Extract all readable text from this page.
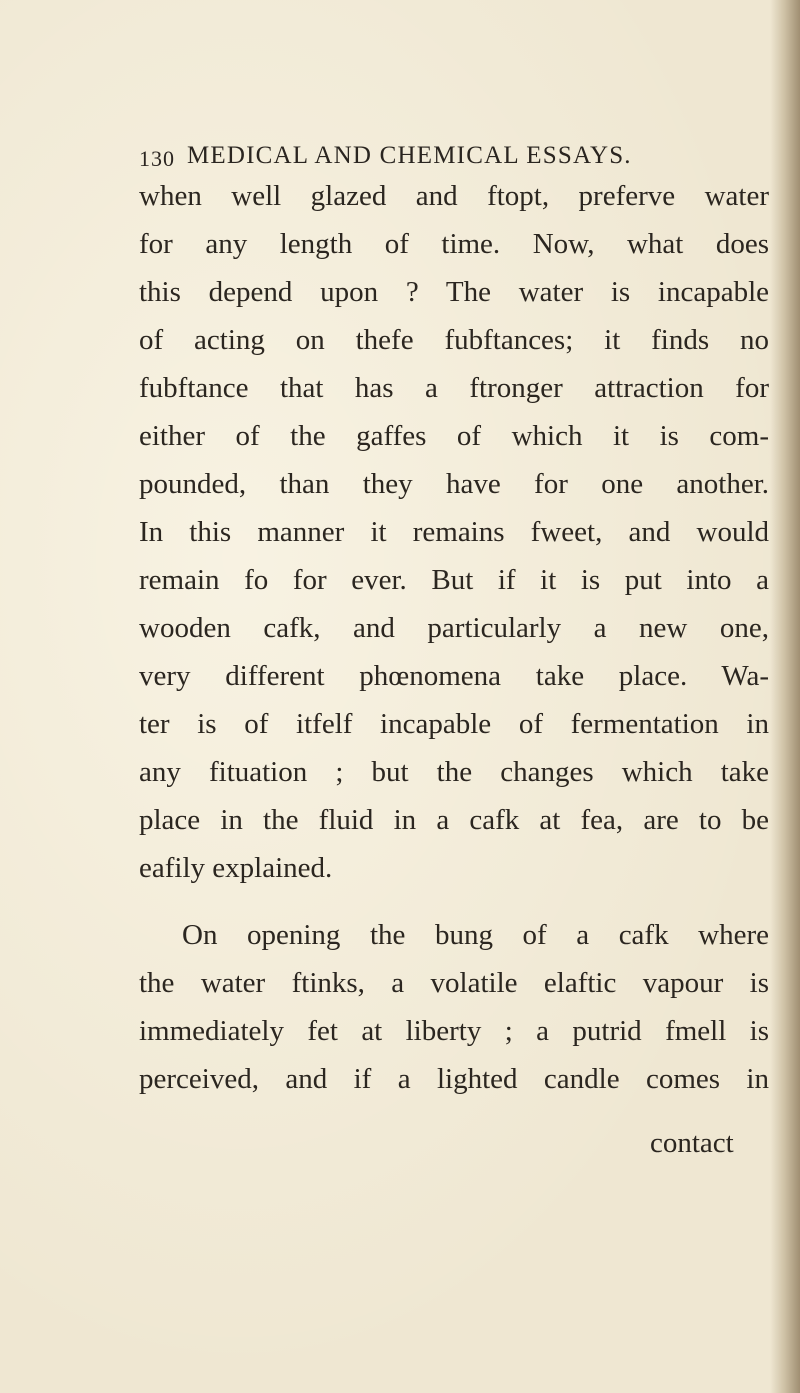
130 MEDICAL AND CHEMICAL ESSAYS.
when well glazed and ftopt, preferve water
for any length of time. Now, what does
this depend upon ? The water is incapable
of acting on thefe fubftances; it finds no
fubftance that has a ftronger attraction for
either of the gaffes of which it is com-
pounded, than they have for one another.
In this manner it remains fweet, and would
remain fo for ever. But if it is put into a
wooden cafk, and particularly a new one,
very different phœnomena take place. Wa-
ter is of itfelf incapable of fermentation in
any fituation ; but the changes which take
place in the fluid in a cafk at fea, are to be
eafily explained.
On opening the bung of a cafk where
the water ftinks, a volatile elaftic vapour is
immediately fet at liberty ; a putrid fmell is
perceived, and if a lighted candle comes in
contact
